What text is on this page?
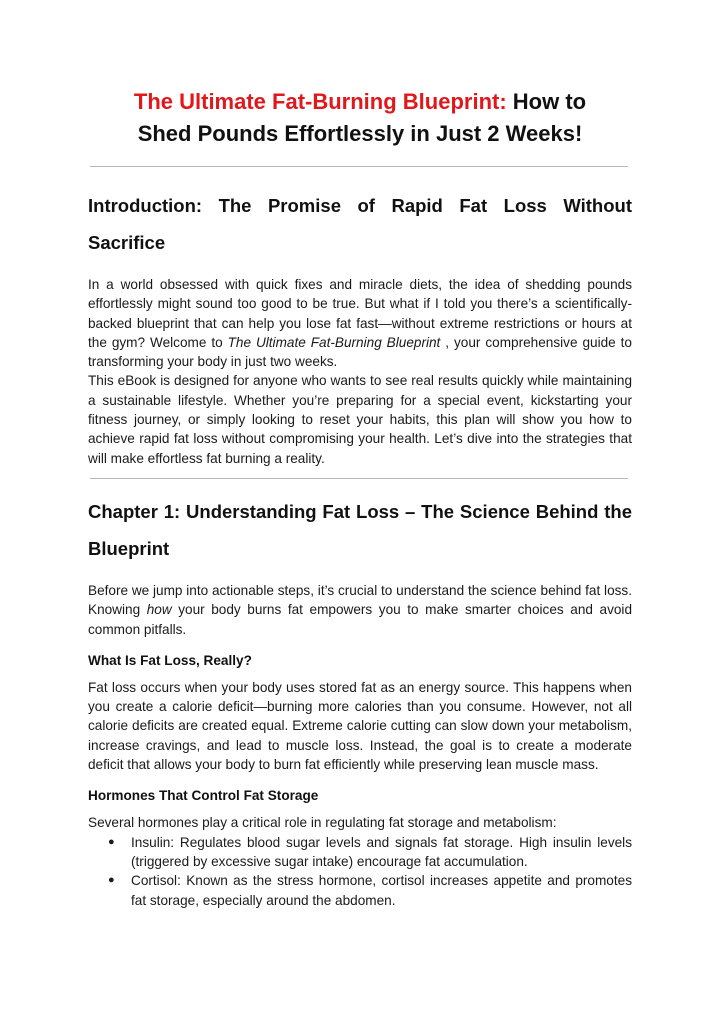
The Ultimate Fat-Burning Blueprint: How to
Shed Pounds Effortlessly in Just 2 Weeks!
Introduction: The Promise of Rapid Fat Loss Without Sacrifice

In a world obsessed with quick fixes and miracle diets, the idea of shedding pounds effortlessly might sound too good to be true. But what if I told you there’s a scientifically-backed blueprint that can help you lose fat fast—without extreme restrictions or hours at the gym? Welcome to The Ultimate Fat-Burning Blueprint , your comprehensive guide to transforming your body in just two weeks.

This eBook is designed for anyone who wants to see real results quickly while maintaining a sustainable lifestyle. Whether you’re preparing for a special event, kickstarting your fitness journey, or simply looking to reset your habits, this plan will show you how to achieve rapid fat loss without compromising your health. Let’s dive into the strategies that will make effortless fat burning a reality.

Chapter 1: Understanding Fat Loss – The Science Behind the Blueprint

Before we jump into actionable steps, it’s crucial to understand the science behind fat loss. Knowing how your body burns fat empowers you to make smarter choices and avoid common pitfalls.

What Is Fat Loss, Really?

Fat loss occurs when your body uses stored fat as an energy source. This happens when you create a calorie deficit—burning more calories than you consume. However, not all calorie deficits are created equal. Extreme calorie cutting can slow down your metabolism, increase cravings, and lead to muscle loss. Instead, the goal is to create a moderate deficit that allows your body to burn fat efficiently while preserving lean muscle mass.

Hormones That Control Fat Storage

Several hormones play a critical role in regulating fat storage and metabolism:

● Insulin: Regulates blood sugar levels and signals fat storage. High insulin levels (triggered by excessive sugar intake) encourage fat accumulation.
● Cortisol: Known as the stress hormone, cortisol increases appetite and promotes fat storage, especially around the abdomen.
